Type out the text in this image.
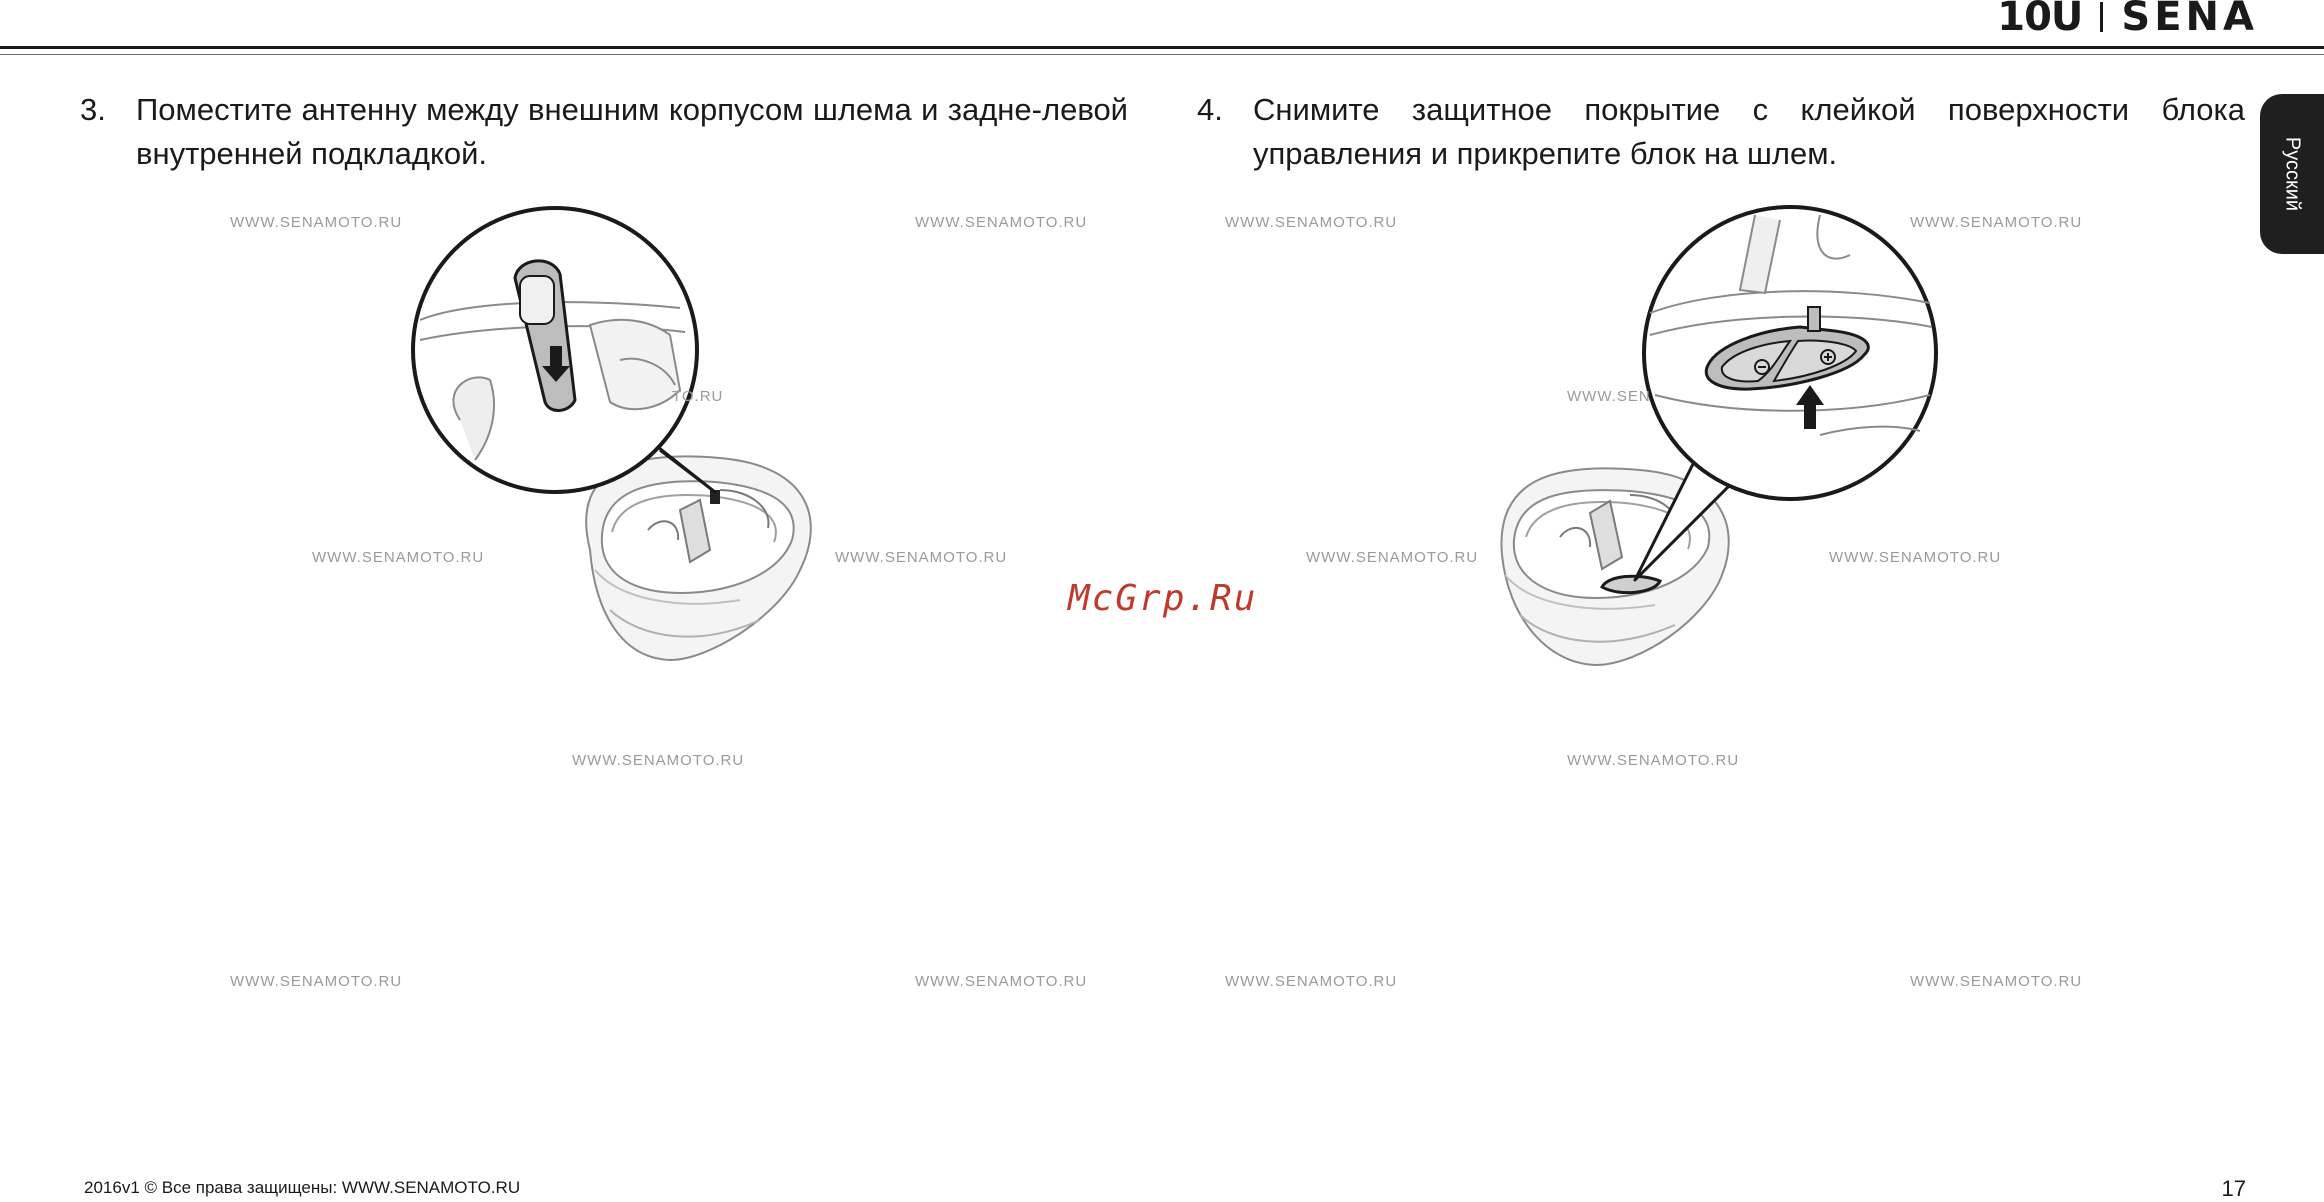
10U SENA
Русский
3. Поместите антенну между внешним корпусом шлема и задне-левой внутренней подкладкой.
4. Снимите защитное покрытие с клейкой поверхности блока управления и прикрепите блок на шлем.
WWW.SENAMOTO.RU	WWW.SENAMOTO.RU	WWW.SENAMOTO.RU	WWW.SENAMOTO.RU
WWW.SENAMOTO.RU	WWW.SENAMOTO.RU	WWW.SENAMOTO.RU	WWW.SENAMOTO.RU
WWW.SENAMOTO.RU	WWW.SENAMOTO.RU
WWW.SENAMOTO.RU	WWW.SENAMOTO.RU	WWW.SENAMOTO.RU	WWW.SENAMOTO.RU
TO.RU	WWW.SEN
McGrp.Ru
2016v1 © Все права защищены: WWW.SENAMOTO.RU	17
